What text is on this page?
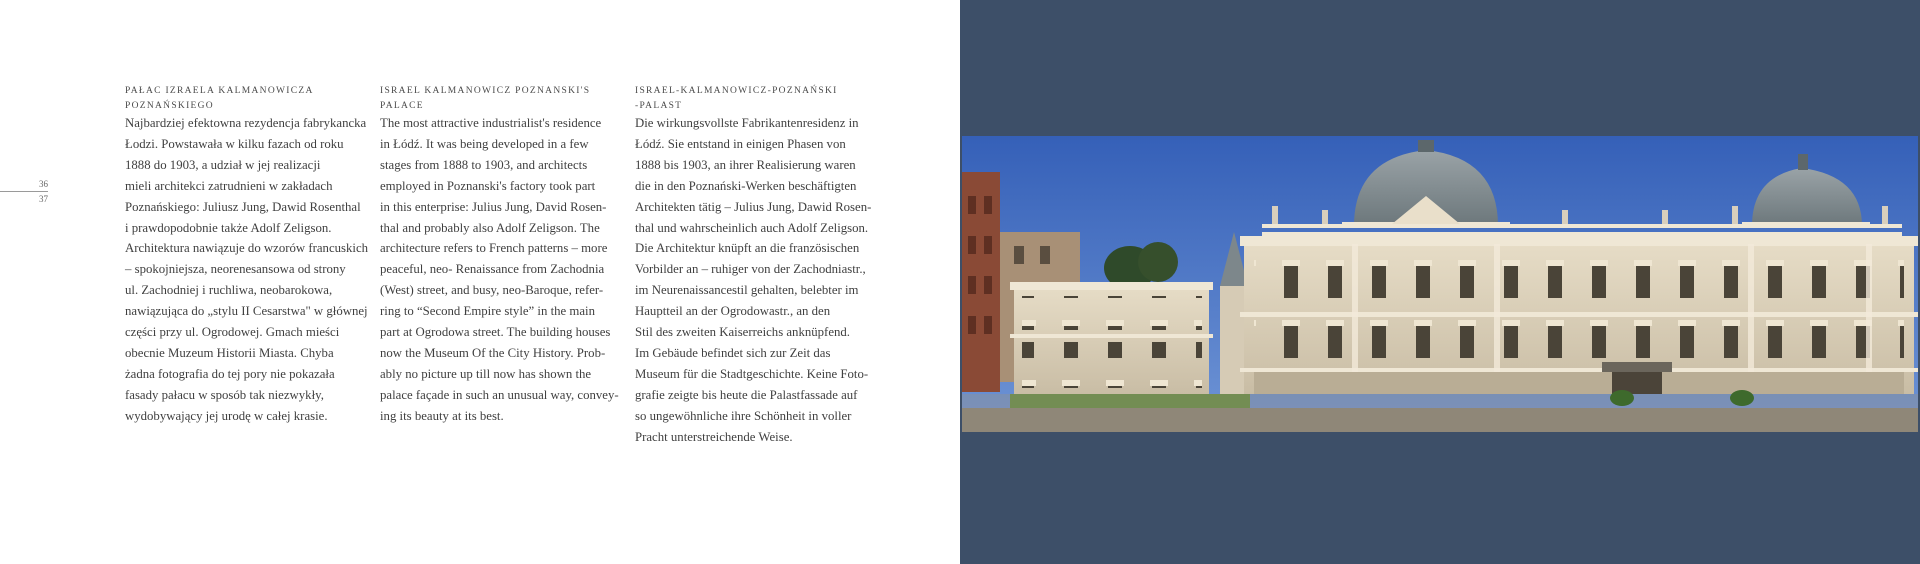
36
37
PAŁAC IZRAELA KALMANOWICZA
POZNAŃSKIEGO

Najbardziej efektowna rezydencja fabrykancka
Łodzi. Powstawała w kilku fazach od roku
1888 do 1903, a udział w jej realizacji
mieli architekci zatrudnieni w zakładach
Poznańskiego: Juliusz Jung, Dawid Rosenthal
i prawdopodobnie także Adolf Zeligson.
Architektura nawiązuje do wzorów francuskich
– spokojniejsza, neorenesansowa od strony
ul. Zachodniej i ruchliwa, neobarokowa,
nawiązująca do „stylu II Cesarstwa" w głównej
części przy ul. Ogrodowej. Gmach mieści
obecnie Muzeum Historii Miasta. Chyba
żadna fotografia do tej pory nie pokazała
fasady pałacu w sposób tak niezwykły,
wydobywający jej urodę w całej krasie.

ISRAEL KALMANOWICZ POZNANSKI'S
PALACE

The most attractive industrialist's residence
in Łódź. It was being developed in a few
stages from 1888 to 1903, and architects
employed in Poznanski's factory took part
in this enterprise: Julius Jung, David Rosen-
thal and probably also Adolf Zeligson. The
architecture refers to French patterns – more
peaceful, neo- Renaissance from Zachodnia
(West) street, and busy, neo-Baroque, refer-
ring to “Second Empire style” in the main
part at Ogrodowa street. The building houses
now the Museum Of the City History. Prob-
ably no picture up till now has shown the
palace façade in such an unusual way, convey-
ing its beauty at its best.

ISRAEL-KALMANOWICZ-POZNAŃSKI
-PALAST

Die wirkungsvollste Fabrikantenresidenz in
Łódź. Sie entstand in einigen Phasen von
1888 bis 1903, an ihrer Realisierung waren
die in den Poznański-Werken beschäftigten
Architekten tätig – Julius Jung, Dawid Rosen-
thal und wahrscheinlich auch Adolf Zeligson.
Die Architektur knüpft an die französischen
Vorbilder an – ruhiger von der Zachodniastr.,
im Neurenaissancestil gehalten, belebter im
Hauptteil an der Ogrodowastr., an den
Stil des zweiten Kaiserreichs anknüpfend.
Im Gebäude befindet sich zur Zeit das
Museum für die Stadtgeschichte. Keine Foto-
grafie zeigte bis heute die Palastfassade auf
so ungewöhnliche ihre Schönheit in voller
Pracht unterstreichende Weise.
